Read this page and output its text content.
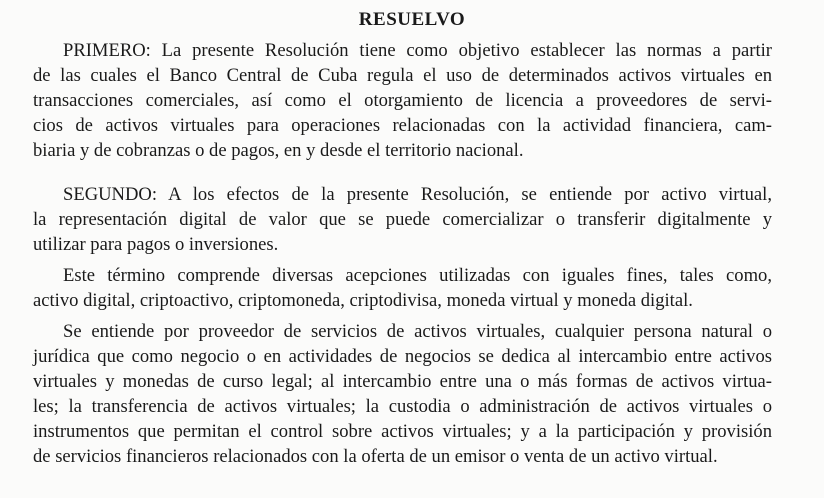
RESUELVO
PRIMERO: La presente Resolución tiene como objetivo establecer las normas a partir
de las cuales el Banco Central de Cuba regula el uso de determinados activos virtuales en
transacciones comerciales, así como el otorgamiento de licencia a proveedores de servi-
cios de activos virtuales para operaciones relacionadas con la actividad financiera, cam-
biaria y de cobranzas o de pagos, en y desde el territorio nacional.
SEGUNDO: A los efectos de la presente Resolución, se entiende por activo virtual,
la representación digital de valor que se puede comercializar o transferir digitalmente y
utilizar para pagos o inversiones.
Este término comprende diversas acepciones utilizadas con iguales fines, tales como,
activo digital, criptoactivo, criptomoneda, criptodivisa, moneda virtual y moneda digital.
Se entiende por proveedor de servicios de activos virtuales, cualquier persona natural o
jurídica que como negocio o en actividades de negocios se dedica al intercambio entre activos
virtuales y monedas de curso legal; al intercambio entre una o más formas de activos virtua-
les; la transferencia de activos virtuales; la custodia o administración de activos virtuales o
instrumentos que permitan el control sobre activos virtuales; y a la participación y provisión
de servicios financieros relacionados con la oferta de un emisor o venta de un activo virtual.
